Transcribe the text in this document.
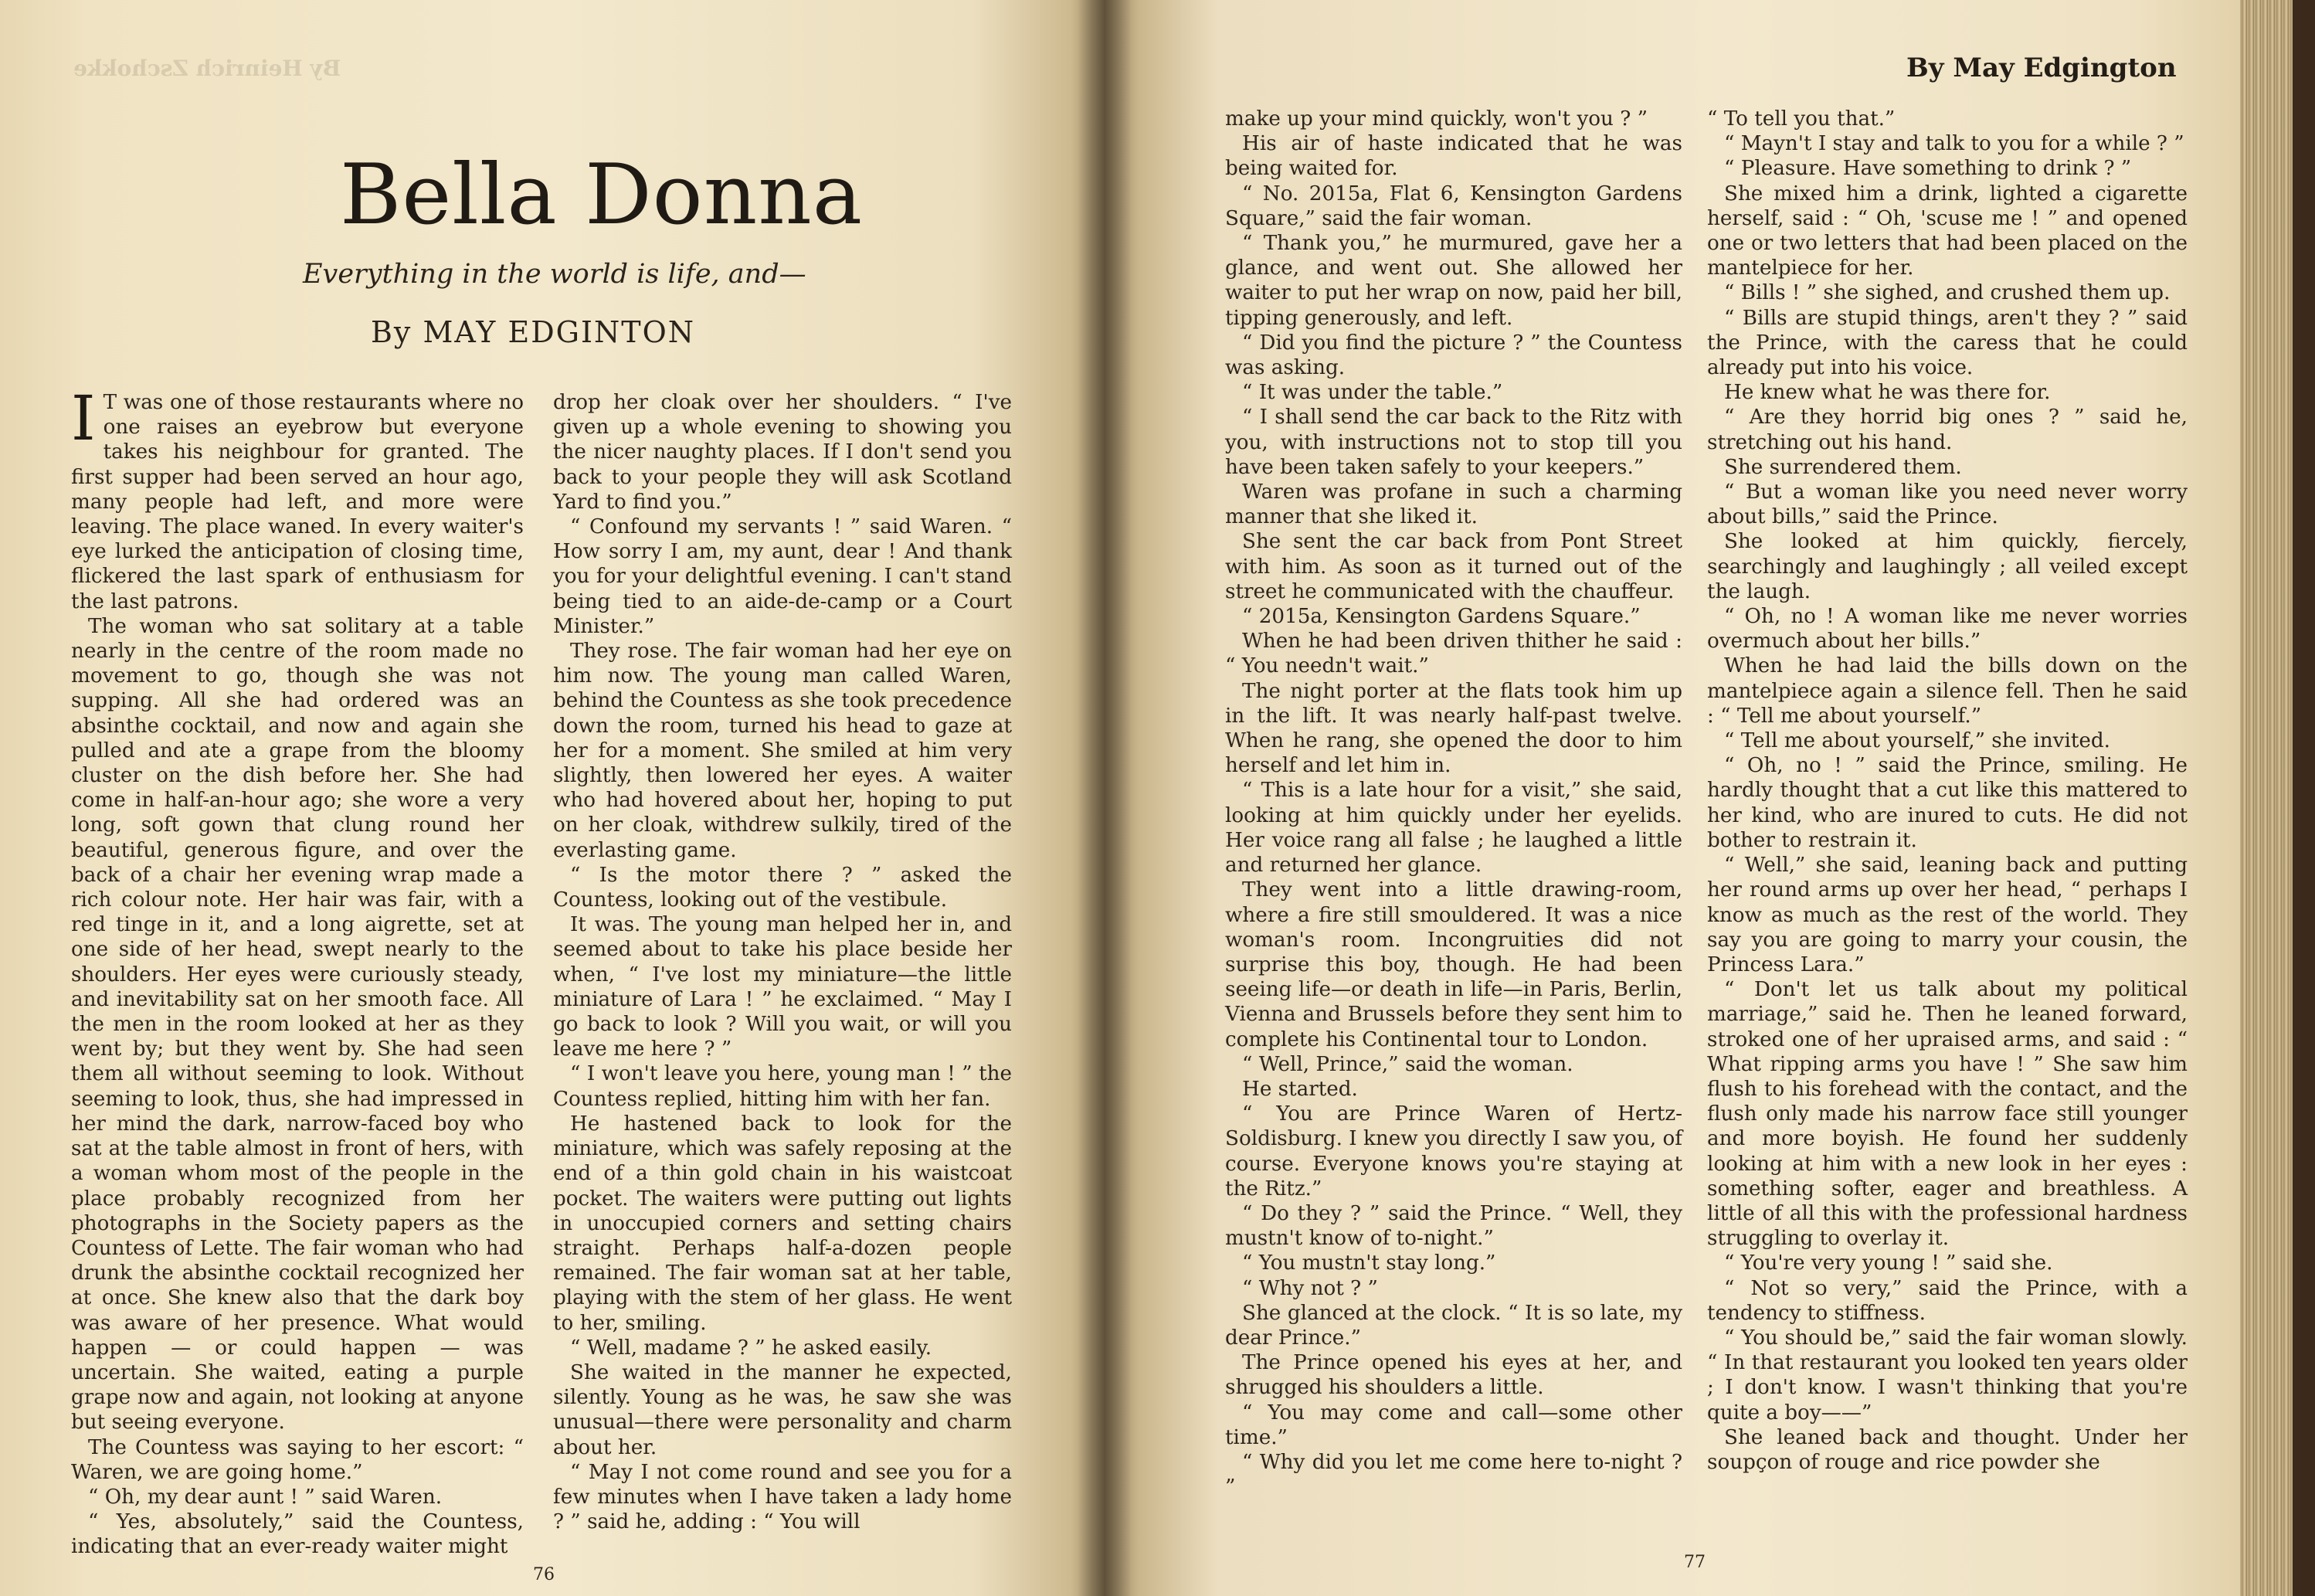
By Heinrich Zschokke
Bella Donna
Everything in the world is life, and—
By MAY EDGINTON

I T was one of those restaurants where no one raises an eyebrow but everyone takes his neighbour for granted. The first supper had been served an hour ago, many people had left, and more were leaving. The place waned. In every waiter's eye lurked the anticipation of closing time, flickered the last spark of enthusiasm for the last patrons.

The woman who sat solitary at a table nearly in the centre of the room made no movement to go, though she was not supping. All she had ordered was an absinthe cocktail, and now and again she pulled and ate a grape from the bloomy cluster on the dish before her. She had come in half-an-hour ago; she wore a very long, soft gown that clung round her beautiful, generous figure, and over the back of a chair her evening wrap made a rich colour note. Her hair was fair, with a red tinge in it, and a long aigrette, set at one side of her head, swept nearly to the shoulders. Her eyes were curiously steady, and inevitability sat on her smooth face. All the men in the room looked at her as they went by; but they went by. She had seen them all without seeming to look. Without seeming to look, thus, she had impressed in her mind the dark, narrow-faced boy who sat at the table almost in front of hers, with a woman whom most of the people in the place probably recognized from her photographs in the Society papers as the Countess of Lette. The fair woman who had drunk the absinthe cocktail recognized her at once. She knew also that the dark boy was aware of her presence. What would happen — or could happen — was uncertain. She waited, eating a purple grape now and again, not looking at anyone but seeing everyone.

The Countess was saying to her escort: “ Waren, we are going home.”

“ Oh, my dear aunt ! ” said Waren.

“ Yes, absolutely,” said the Countess, indicating that an ever-ready waiter might

drop her cloak over her shoulders. “ I've given up a whole evening to showing you the nicer naughty places. If I don't send you back to your people they will ask Scotland Yard to find you.”

“ Confound my servants ! ” said Waren. “ How sorry I am, my aunt, dear ! And thank you for your delightful evening. I can't stand being tied to an aide-de-camp or a Court Minister.”

They rose. The fair woman had her eye on him now. The young man called Waren, behind the Countess as she took precedence down the room, turned his head to gaze at her for a moment. She smiled at him very slightly, then lowered her eyes. A waiter who had hovered about her, hoping to put on her cloak, withdrew sulkily, tired of the everlasting game.

“ Is the motor there ? ” asked the Countess, looking out of the vestibule.

It was. The young man helped her in, and seemed about to take his place beside her when, “ I've lost my miniature—the little miniature of Lara ! ” he exclaimed. “ May I go back to look ? Will you wait, or will you leave me here ? ”

“ I won't leave you here, young man ! ” the Countess replied, hitting him with her fan.

He hastened back to look for the miniature, which was safely reposing at the end of a thin gold chain in his waistcoat pocket. The waiters were putting out lights in unoccupied corners and setting chairs straight. Perhaps half-a-dozen people remained. The fair woman sat at her table, playing with the stem of her glass. He went to her, smiling.

“ Well, madame ? ” he asked easily.

She waited in the manner he expected, silently. Young as he was, he saw she was unusual—there were personality and charm about her.

“ May I not come round and see you for a few minutes when I have taken a lady home ? ” said he, adding : “ You will

76

make up your mind quickly, won't you ? ”

His air of haste indicated that he was being waited for.

“ No. 2015a, Flat 6, Kensington Gardens Square,” said the fair woman.

“ Thank you,” he murmured, gave her a glance, and went out. She allowed her waiter to put her wrap on now, paid her bill, tipping generously, and left.

“ Did you find the picture ? ” the Countess was asking.

“ It was under the table.”

“ I shall send the car back to the Ritz with you, with instructions not to stop till you have been taken safely to your keepers.”

Waren was profane in such a charming manner that she liked it.

She sent the car back from Pont Street with him. As soon as it turned out of the street he communicated with the chauffeur.

“ 2015a, Kensington Gardens Square.”

When he had been driven thither he said : “ You needn't wait.”

The night porter at the flats took him up in the lift. It was nearly half-past twelve. When he rang, she opened the door to him herself and let him in.

“ This is a late hour for a visit,” she said, looking at him quickly under her eyelids. Her voice rang all false ; he laughed a little and returned her glance.

They went into a little drawing-room, where a fire still smouldered. It was a nice woman's room. Incongruities did not surprise this boy, though. He had been seeing life—or death in life—in Paris, Berlin, Vienna and Brussels before they sent him to complete his Continental tour to London.

“ Well, Prince,” said the woman.

He started.

“ You are Prince Waren of Hertz-Soldisburg. I knew you directly I saw you, of course. Everyone knows you're staying at the Ritz.”

“ Do they ? ” said the Prince. “ Well, they mustn't know of to-night.”

“ You mustn't stay long.”

“ Why not ? ”

She glanced at the clock. “ It is so late, my dear Prince.”

The Prince opened his eyes at her, and shrugged his shoulders a little.

“ You may come and call—some other time.”

“ Why did you let me come here to-night ? ”

“ To tell you that.”

“ Mayn't I stay and talk to you for a while ? ”

“ Pleasure. Have something to drink ? ”

She mixed him a drink, lighted a cigarette herself, said : “ Oh, 'scuse me ! ” and opened one or two letters that had been placed on the mantelpiece for her.

“ Bills ! ” she sighed, and crushed them up.

“ Bills are stupid things, aren't they ? ” said the Prince, with the caress that he could already put into his voice.

He knew what he was there for.

“ Are they horrid big ones ? ” said he, stretching out his hand.

She surrendered them.

“ But a woman like you need never worry about bills,” said the Prince.

She looked at him quickly, fiercely, searchingly and laughingly ; all veiled except the laugh.

“ Oh, no ! A woman like me never worries overmuch about her bills.”

When he had laid the bills down on the mantelpiece again a silence fell. Then he said : “ Tell me about yourself.”

“ Tell me about yourself,” she invited.

“ Oh, no ! ” said the Prince, smiling. He hardly thought that a cut like this mattered to her kind, who are inured to cuts. He did not bother to restrain it.

“ Well,” she said, leaning back and putting her round arms up over her head, “ perhaps I know as much as the rest of the world. They say you are going to marry your cousin, the Princess Lara.”

“ Don't let us talk about my political marriage,” said he. Then he leaned forward, stroked one of her upraised arms, and said : “ What ripping arms you have ! ” She saw him flush to his forehead with the contact, and the flush only made his narrow face still younger and more boyish. He found her suddenly looking at him with a new look in her eyes : something softer, eager and breathless. A little of all this with the professional hardness struggling to overlay it.

“ You're very young ! ” said she.

“ Not so very,” said the Prince, with a tendency to stiffness.

“ You should be,” said the fair woman slowly. “ In that restaurant you looked ten years older ; I don't know. I wasn't thinking that you're quite a boy——”

She leaned back and thought. Under her soupçon of rouge and rice powder she

77
By May Edgington
